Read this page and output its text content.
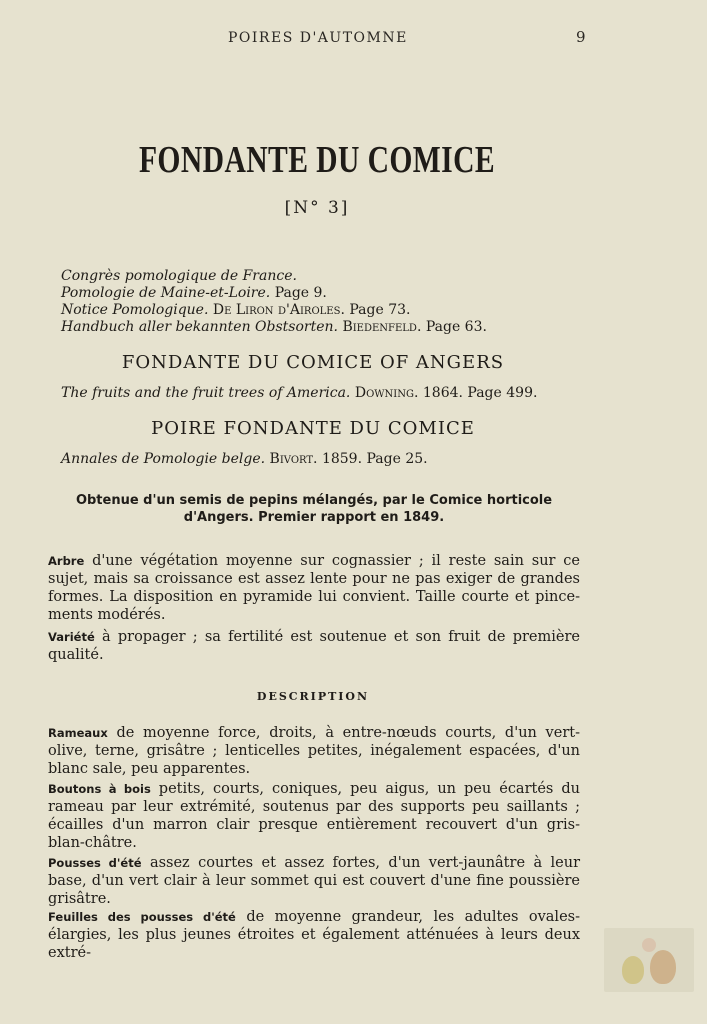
POIRES D'AUTOMNE	9
FONDANTE DU COMICE
[N° 3]
Congrès pomologique de France.
Pomologie de Maine-et-Loire. Page 9.
Notice Pomologique. De Liron d'Airoles. Page 73.
Handbuch aller bekannten Obstsorten. Biedenfeld. Page 63.
FONDANTE DU COMICE OF ANGERS
The fruits and the fruit trees of America. Downing. 1864. Page 499.
POIRE FONDANTE DU COMICE
Annales de Pomologie belge. Bivort. 1859. Page 25.
Obtenue d'un semis de pepins mélangés, par le Comice horticole d'Angers. Premier rapport en 1849.
Arbre d'une végétation moyenne sur cognassier ; il reste sain sur ce sujet, mais sa croissance est assez lente pour ne pas exiger de grandes formes. La disposition en pyramide lui convient. Taille courte et pince-ments modérés.
Variété à propager ; sa fertilité est soutenue et son fruit de première qualité.
DESCRIPTION
Rameaux de moyenne force, droits, à entre-nœuds courts, d'un vert-olive, terne, grisâtre ; lenticelles petites, inégalement espacées, d'un blanc sale, peu apparentes.
Boutons à bois petits, courts, coniques, peu aigus, un peu écartés du rameau par leur extrémité, soutenus par des supports peu saillants ; écailles d'un marron clair presque entièrement recouvert d'un gris-blan-châtre.
Pousses d'été assez courtes et assez fortes, d'un vert-jaunâtre à leur base, d'un vert clair à leur sommet qui est couvert d'une fine poussière grisâtre.
Feuilles des pousses d'été de moyenne grandeur, les adultes ovales-élargies, les plus jeunes étroites et également atténuées à leurs deux extré-
